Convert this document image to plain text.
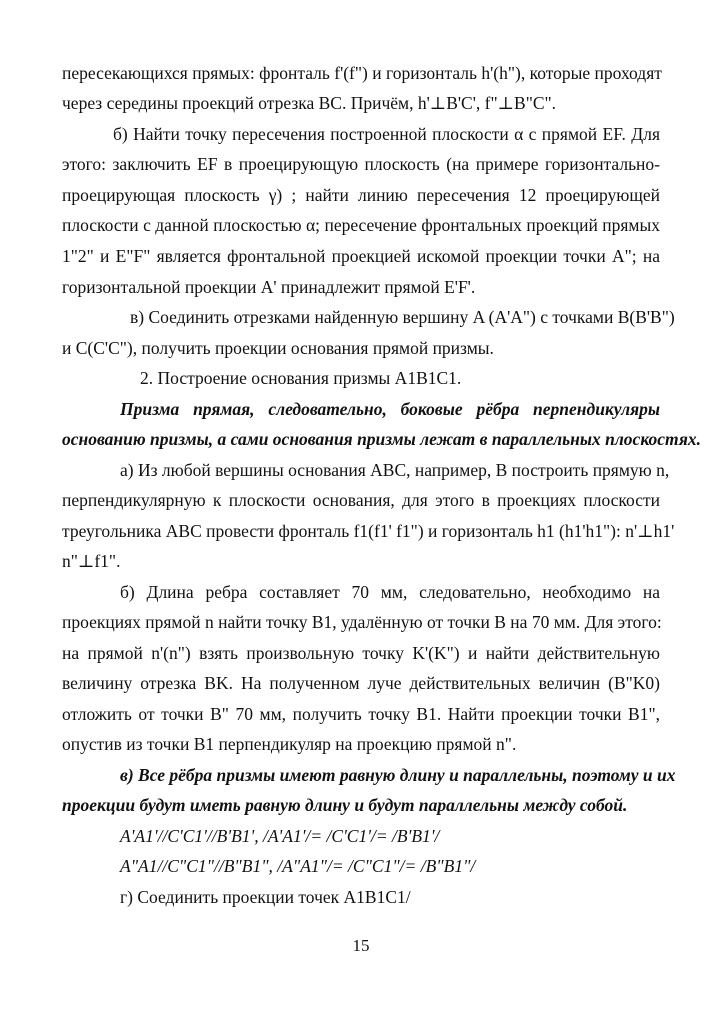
пересекающихся прямых: фронталь f'(f") и горизонталь h'(h"), которые проходят
через середины проекций отрезка BC. Причём, h'⊥B'C', f"⊥B"C".
б) Найти точку пересечения построенной плоскости α с прямой EF. Для
этого: заключить EF в проецирующую плоскость (на примере горизонтально-
проецирующая плоскость γ) ; найти линию пересечения 12 проецирующей
плоскости с данной плоскостью α; пересечение фронтальных проекций прямых
1"2" и E"F" является фронтальной проекцией искомой проекции точки A"; на
горизонтальной проекции A' принадлежит прямой E'F'.
в) Соединить отрезками найденную вершину A (A'A") с точками B(B'B")
и C(C'C"), получить проекции основания прямой призмы.
2. Построение основания призмы A1B1C1.
Призма прямая, следовательно, боковые рёбра перпендикуляры
основанию призмы, а сами основания призмы лежат в параллельных плоскостях.
а) Из любой вершины основания ABC, например, B построить прямую n,
перпендикулярную к плоскости основания, для этого в проекциях плоскости
треугольника ABC провести фронталь f1(f1' f1") и горизонталь h1 (h1'h1"): n'⊥h1'
n"⊥f1".
б) Длина ребра составляет 70 мм, следовательно, необходимо на
проекциях прямой n найти точку B1, удалённую от точки B на 70 мм. Для этого:
на прямой n'(n") взять произвольную точку K'(K") и найти действительную
величину отрезка BK. На полученном луче действительных величин (B"K0)
отложить от точки B" 70 мм, получить точку B1. Найти проекции точки B1",
опустив из точки B1 перпендикуляр на проекцию прямой n".
в) Все рёбра призмы имеют равную длину и параллельны, поэтому и их
проекции будут иметь равную длину и будут параллельны между собой.
A'A1'//C'C1'//B'B1', /A'A1'/= /C'C1'/= /B'B1'/
A"A1//C"C1"//B"B1", /A"A1"/= /C"C1"/= /B"B1"/
г) Соединить проекции точек A1B1C1/
15
